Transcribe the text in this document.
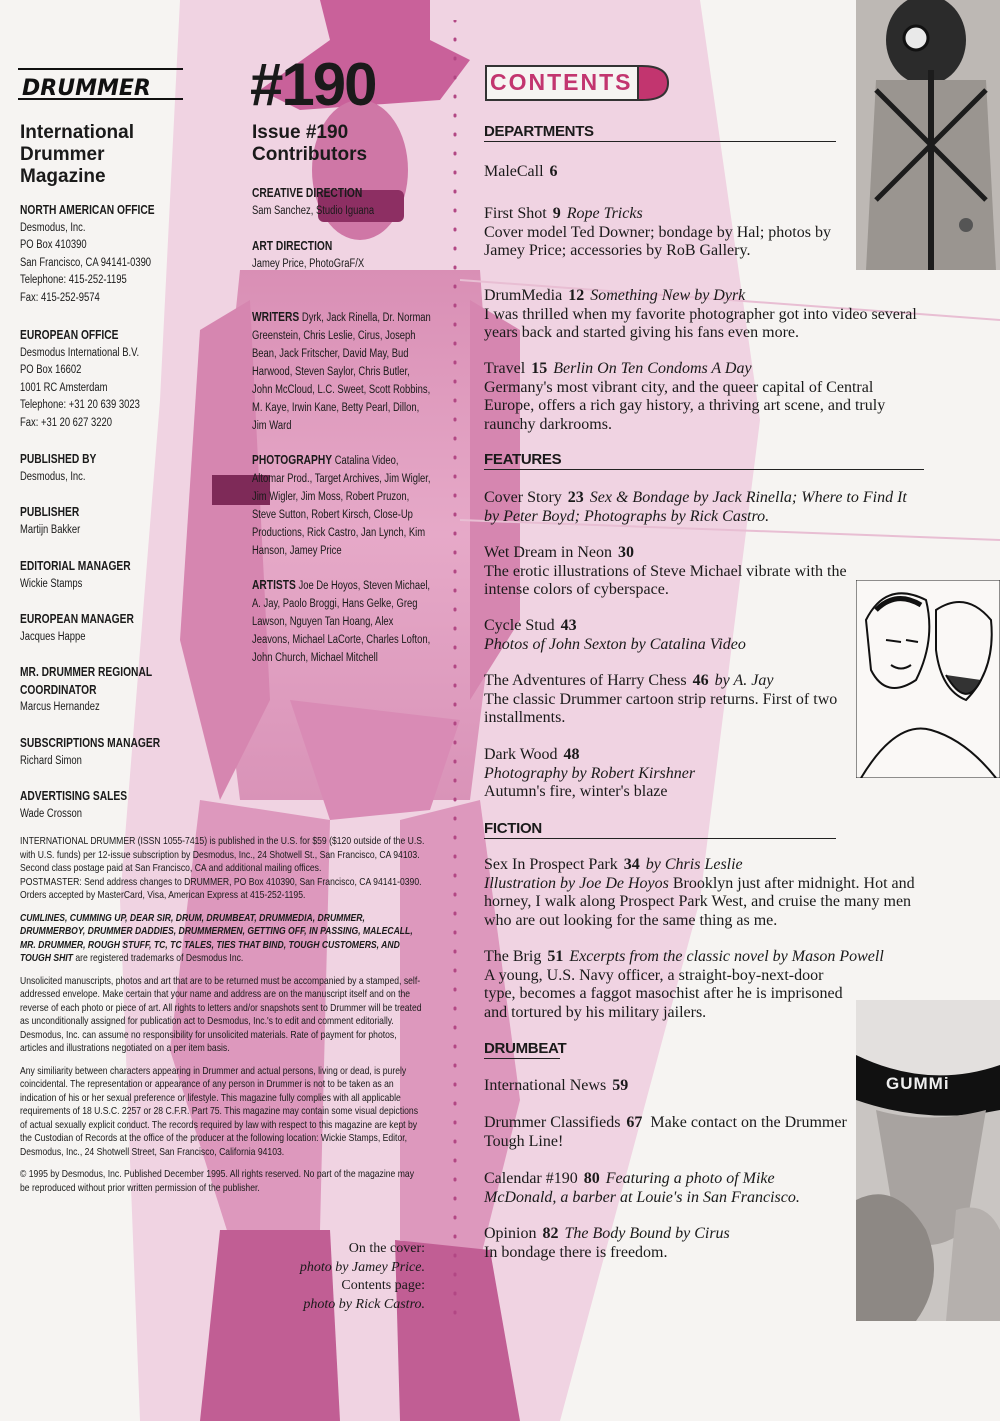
DRUMMER
International
Drummer
Magazine
NORTH AMERICAN OFFICE
Desmodus, Inc.
PO Box 410390
San Francisco, CA 94141-0390
Telephone: 415-252-1195
Fax: 415-252-9574
EUROPEAN OFFICE
Desmodus International B.V.
PO Box 16602
1001 RC Amsterdam
Telephone: +31 20 639 3023
Fax: +31 20 627 3220
PUBLISHED BY
Desmodus, Inc.
PUBLISHER
Martijn Bakker
EDITORIAL MANAGER
Wickie Stamps
EUROPEAN MANAGER
Jacques Happe
MR. DRUMMER REGIONAL COORDINATOR
Marcus Hernandez
SUBSCRIPTIONS MANAGER
Richard Simon
ADVERTISING SALES
Wade Crosson

INTERNATIONAL DRUMMER (ISSN 1055-7415) is published in the U.S. for $59 ($120 outside of the U.S. with U.S. funds) per 12-issue subscription by Desmodus, Inc., 24 Shotwell St., San Francisco, CA 94103. Second class postage paid at San Francisco, CA and additional mailing offices.

POSTMASTER: Send address changes to DRUMMER, PO Box 410390, San Francisco, CA 94141-0390. Orders accepted by MasterCard, Visa, American Express at 415-252-1195.

CUMLINES, CUMMING UP, DEAR SIR, DRUM, DRUMBEAT, DRUMMEDIA, DRUMMER, DRUMMERBOY, DRUMMER DADDIES, DRUMMERMEN, GETTING OFF, IN PASSING, MALECALL, MR. DRUMMER, ROUGH STUFF, TC, TC TALES, TIES THAT BIND, TOUGH CUSTOMERS, AND TOUGH SHIT are registered trademarks of Desmodus Inc.

Unsolicited manuscripts, photos and art that are to be returned must be accompanied by a stamped, self-addressed envelope. Make certain that your name and address are on the manuscript itself and on the reverse of each photo or piece of art. All rights to letters and/or snapshots sent to Drummer will be treated as unconditionally assigned for publication act to Desmodus, Inc.'s to edit and comment editorially. Desmodus, Inc. can assume no responsibility for unsolicited materials. Rate of payment for photos, articles and illustrations negotiated on a per item basis.

Any similiarity between characters appearing in Drummer and actual persons, living or dead, is purely coincidental. The representation or appearance of any person in Drummer is not to be taken as an indication of his or her sexual preference or lifestyle. This magazine fully complies with all applicable requirements of 18 U.S.C. 2257 or 28 C.F.R. Part 75. This magazine may contain some visual depictions of actual sexually explicit conduct. The records required by law with respect to this magazine are kept by the Custodian of Records at the office of the producer at the following location: Wickie Stamps, Editor, Desmodus, Inc., 24 Shotwell Street, San Francisco, California 94103.

© 1995 by Desmodus, Inc. Published December 1995. All rights reserved. No part of the magazine may be reproduced without prior written permission of the publisher.

On the cover:
photo by Jamey Price.
Contents page:
photo by Rick Castro.
#190
Issue #190
Contributors
CREATIVE DIRECTION
Sam Sanchez, Studio Iguana
ART DIRECTION
Jamey Price, PhotoGraF/X
WRITERS Dyrk, Jack Rinella, Dr. Norman Greenstein, Chris Leslie, Cirus, Joseph Bean, Jack Fritscher, David May, Bud Harwood, Steven Saylor, Chris Butler, John McCloud, L.C. Sweet, Scott Robbins, M. Kaye, Irwin Kane, Betty Pearl, Dillon, Jim Ward
PHOTOGRAPHY Catalina Video, Altomar Prod., Target Archives, Jim Wigler, Jim Wigler, Jim Moss, Robert Pruzon, Steve Sutton, Robert Kirsch, Close-Up Productions, Rick Castro, Jan Lynch, Kim Hanson, Jamey Price
ARTISTS Joe De Hoyos, Steven Michael, A. Jay, Paolo Broggi, Hans Gelke, Greg Lawson, Nguyen Tan Hoang, Alex Jeavons, Michael LaCorte, Charles Lofton, John Church, Michael Mitchell
CONTENTS
DEPARTMENTS
MaleCall 6
First Shot 9 Rope Tricks
Cover model Ted Downer; bondage by Hal; photos by Jamey Price; accessories by RoB Gallery.
DrumMedia 12 Something New by Dyrk
I was thrilled when my favorite photographer got into video several years back and started giving his fans even more.
Travel 15 Berlin On Ten Condoms A Day
Germany's most vibrant city, and the queer capital of Central Europe, offers a rich gay history, a thriving art scene, and truly raunchy darkrooms.
FEATURES
Cover Story 23 Sex & Bondage by Jack Rinella; Where to Find It by Peter Boyd; Photographs by Rick Castro.
Wet Dream in Neon 30
The erotic illustrations of Steve Michael vibrate with the intense colors of cyberspace.
Cycle Stud 43
Photos of John Sexton by Catalina Video
The Adventures of Harry Chess 46 by A. Jay
The classic Drummer cartoon strip returns. First of two installments.
Dark Wood 48
Photography by Robert Kirshner
Autumn's fire, winter's blaze
FICTION
Sex In Prospect Park 34 by Chris Leslie
Illustration by Joe De Hoyos Brooklyn just after midnight. Hot and horney, I walk along Prospect Park West, and cruise the many men who are out looking for the same thing as me.
The Brig 51 Excerpts from the classic novel by Mason Powell
A young, U.S. Navy officer, a straight-boy-next-door type, becomes a faggot masochist after he is imprisoned and tortured by his military jailers.
DRUMBEAT
International News 59
Drummer Classifieds 67 Make contact on the Drummer Tough Line!
Calendar #190 80 Featuring a photo of Mike McDonald, a barber at Louie's in San Francisco.
Opinion 82 The Body Bound by Cirus
In bondage there is freedom.
GUMMi
